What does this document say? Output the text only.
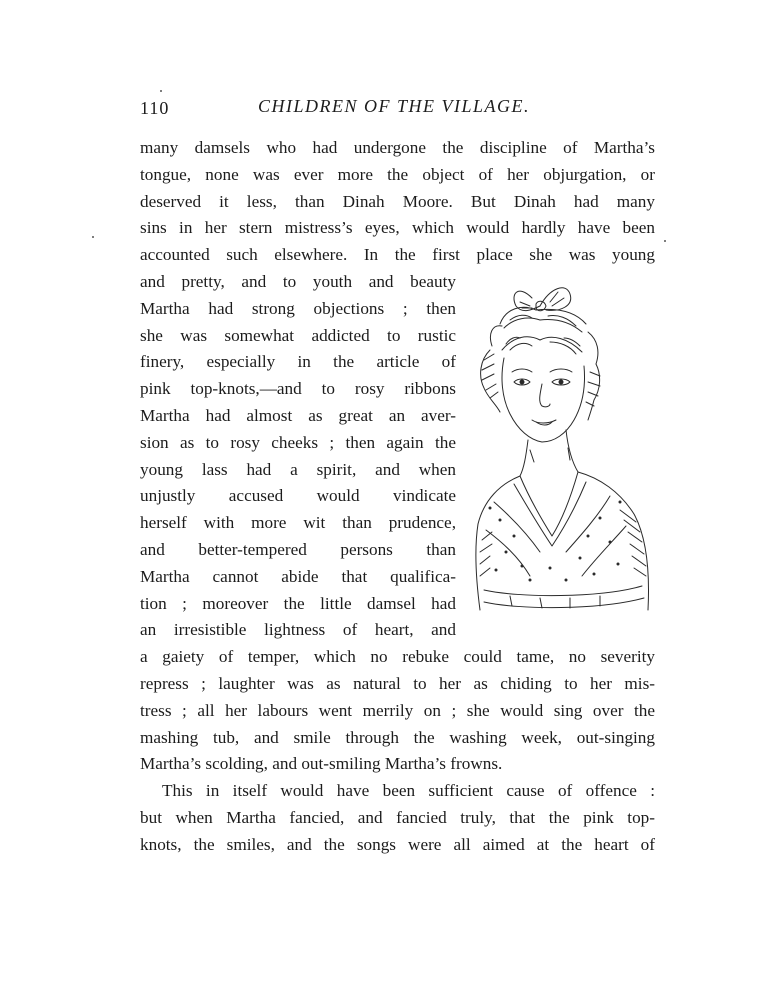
110	CHILDREN OF THE VILLAGE.
many damsels who had undergone the discipline of Martha’s
tongue, none was ever more the object of her objurgation, or
deserved it less, than Dinah Moore. But Dinah had many
sins in her stern mistress’s eyes, which would hardly have been
accounted such elsewhere. In the first place she was young
and pretty, and to youth and beauty
Martha had strong objections ; then
she was somewhat addicted to rustic
finery, especially in the article of
pink top-knots,—and to rosy ribbons
Martha had almost as great an aver-
sion as to rosy cheeks ; then again the
young lass had a spirit, and when
unjustly accused would vindicate
herself with more wit than prudence,
and better-tempered persons than
Martha cannot abide that qualifica-
tion ; moreover the little damsel had
an irresistible lightness of heart, and
a gaiety of temper, which no rebuke could tame, no severity
repress ; laughter was as natural to her as chiding to her mis-
tress ; all her labours went merrily on ; she would sing over the
mashing tub, and smile through the washing week, out-singing
Martha’s scolding, and out-smiling Martha’s frowns.
This in itself would have been sufficient cause of offence :
but when Martha fancied, and fancied truly, that the pink top-
knots, the smiles, and the songs were all aimed at the heart of
